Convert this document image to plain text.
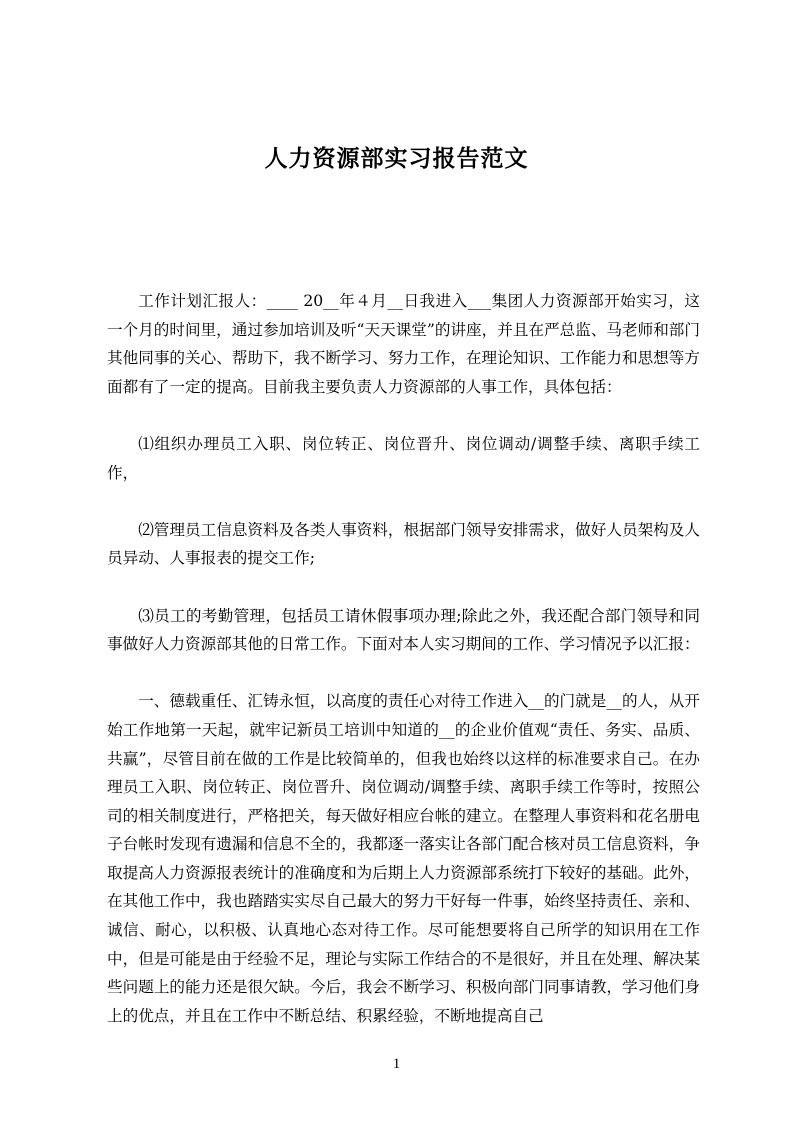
人力资源部实习报告范文

工作计划汇报人：____ 20__年４月__日我进入___集团人力资源部开始实习，这一个月的时间里，通过参加培训及听“天天课堂”的讲座，并且在严总监、马老师和部门其他同事的关心、帮助下，我不断学习、努力工作，在理论知识、工作能力和思想等方面都有了一定的提高。目前我主要负责人力资源部的人事工作，具体包括：

⑴组织办理员工入职、岗位转正、岗位晋升、岗位调动/调整手续、离职手续工作，

⑵管理员工信息资料及各类人事资料，根据部门领导安排需求，做好人员架构及人员异动、人事报表的提交工作;

⑶员工的考勤管理，包括员工请休假事项办理;除此之外，我还配合部门领导和同事做好人力资源部其他的日常工作。下面对本人实习期间的工作、学习情况予以汇报：

一、德载重任、汇铸永恒，以高度的责任心对待工作进入__的门就是__的人，从开始工作地第一天起，就牢记新员工培训中知道的__的企业价值观“责任、务实、品质、共赢”，尽管目前在做的工作是比较简单的，但我也始终以这样的标准要求自己。在办理员工入职、岗位转正、岗位晋升、岗位调动/调整手续、离职手续工作等时，按照公司的相关制度进行，严格把关，每天做好相应台帐的建立。在整理人事资料和花名册电子台帐时发现有遗漏和信息不全的，我都逐一落实让各部门配合核对员工信息资料，争取提高人力资源报表统计的准确度和为后期上人力资源部系统打下较好的基础。此外，在其他工作中，我也踏踏实实尽自己最大的努力干好每一件事，始终坚持责任、亲和、诚信、耐心，以积极、认真地心态对待工作。尽可能想要将自己所学的知识用在工作中，但是可能是由于经验不足，理论与实际工作结合的不是很好，并且在处理、解决某些问题上的能力还是很欠缺。今后，我会不断学习、积极向部门同事请教，学习他们身上的优点，并且在工作中不断总结、积累经验，不断地提高自己

1
